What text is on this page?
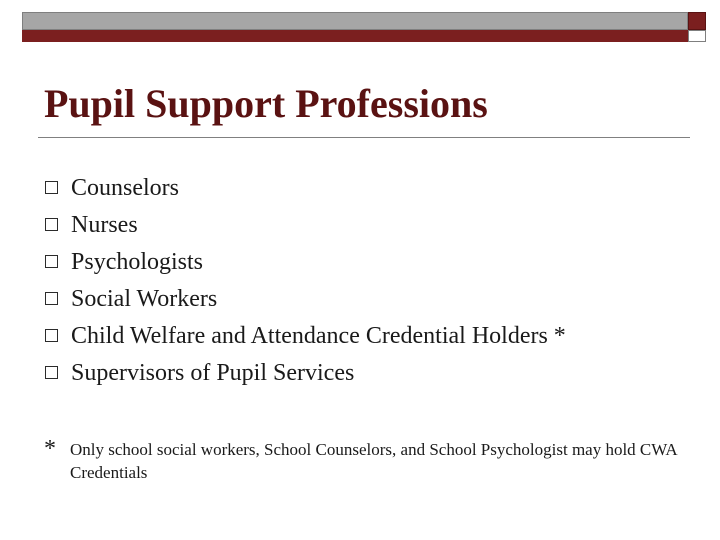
Pupil Support Professions
Counselors
Nurses
Psychologists
Social Workers
Child Welfare and Attendance Credential Holders *
Supervisors of Pupil Services
* Only school social workers, School Counselors, and School Psychologist may hold CWA Credentials
